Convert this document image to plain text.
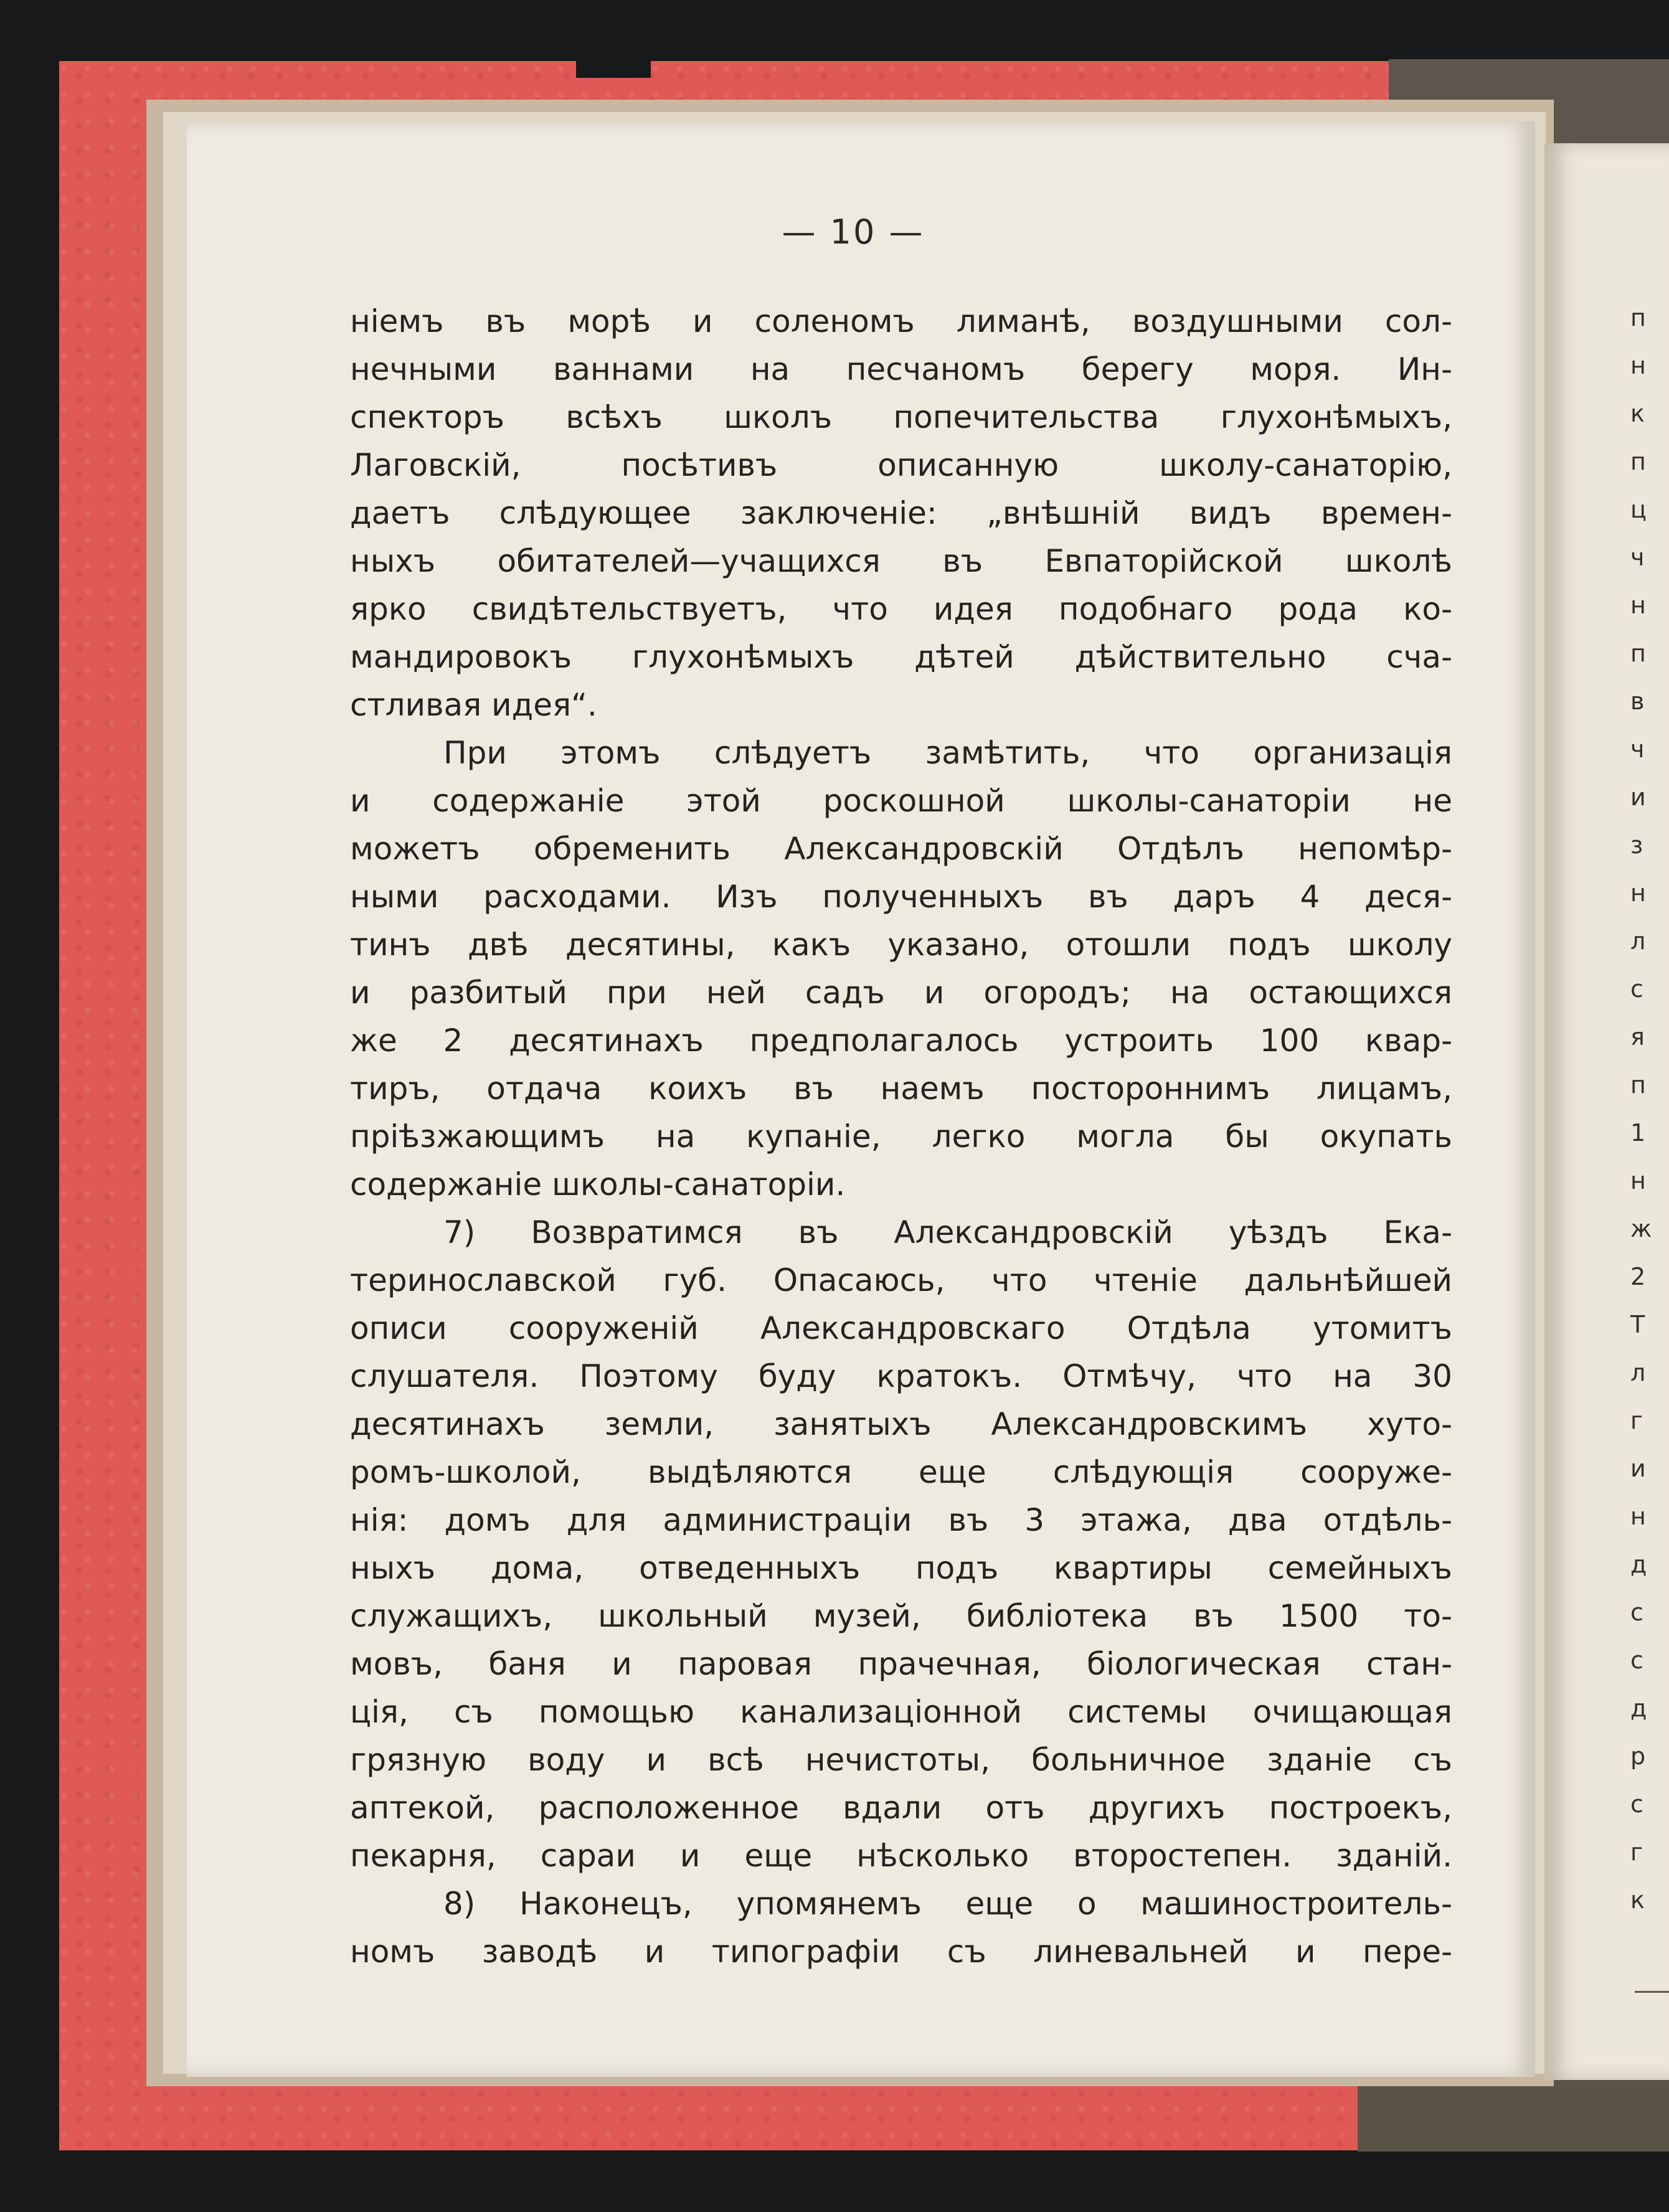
— 10 —
ніемъ въ морѣ и соленомъ лиманѣ, воздушными сол-
нечными ваннами на песчаномъ берегу моря. Ин-
спекторъ всѣхъ школъ попечительства глухонѣмыхъ,
Лаговскій, посѣтивъ описанную школу-санаторію,
даетъ слѣдующее заключеніе: „внѣшній видъ времен-
ныхъ обитателей—учащихся въ Евпаторійской школѣ
ярко свидѣтельствуетъ, что идея подобнаго рода ко-
мандировокъ глухонѣмыхъ дѣтей дѣйствительно сча-
стливая идея“.
При этомъ слѣдуетъ замѣтить, что организація
и содержаніе этой роскошной школы-санаторіи не
можетъ обременить Александровскій Отдѣлъ непомѣр-
ными расходами. Изъ полученныхъ въ даръ 4 деся-
тинъ двѣ десятины, какъ указано, отошли подъ школу
и разбитый при ней садъ и огородъ; на остающихся
же 2 десятинахъ предполагалось устроить 100 квар-
тиръ, отдача коихъ въ наемъ постороннимъ лицамъ,
пріѣзжающимъ на купаніе, легко могла бы окупать
содержаніе школы-санаторіи.
7) Возвратимся въ Александровскій уѣздъ Ека-
теринославской губ. Опасаюсь, что чтеніе дальнѣйшей
описи сооруженій Александровскаго Отдѣла утомитъ
слушателя. Поэтому буду кратокъ. Отмѣчу, что на 30
десятинахъ земли, занятыхъ Александровскимъ хуто-
ромъ-школой, выдѣляются еще слѣдующія сооруже-
нія: домъ для администраціи въ 3 этажа, два отдѣль-
ныхъ дома, отведенныхъ подъ квартиры семейныхъ
служащихъ, школьный музей, библіотека въ 1500 то-
мовъ, баня и паровая прачечная, біологическая стан-
ція, съ помощью канализаціонной системы очищающая
грязную воду и всѣ нечистоты, больничное зданіе съ
аптекой, расположенное вдали отъ другихъ построекъ,
пекарня, сараи и еще нѣсколько второстепен. зданій.
8) Наконецъ, упомянемъ еще о машиностроитель-
номъ заводѣ и типографіи съ линевальней и пере-
п
н
к
п
ц
ч
н
п
в
ч
и
з
н
л
с
я
п
1
н
ж
2
Т
л
г
и
н
д
с
с
д
р
с
г
к
